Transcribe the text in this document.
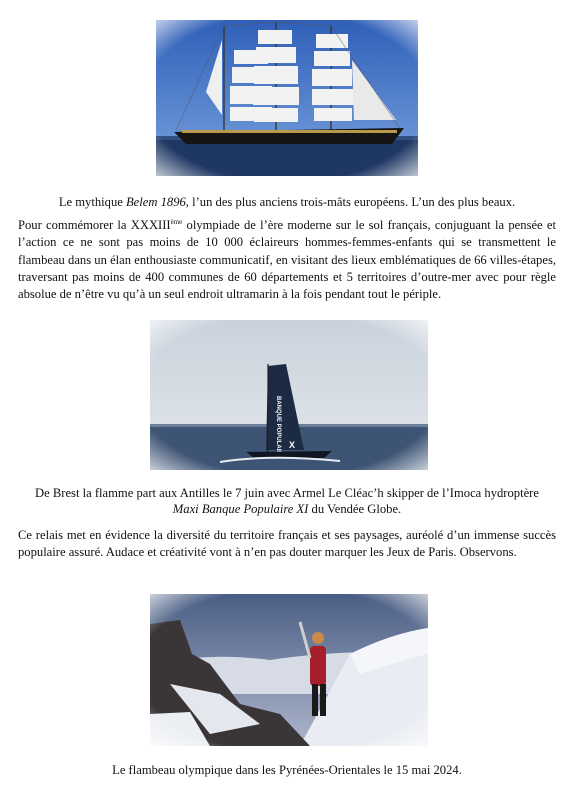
Le mythique Belem 1896, l’un des plus anciens trois-mâts européens. L’un des plus beaux.

Pour commémorer la XXXIIIème olympiade de l’ère moderne sur le sol français, conjuguant la pensée et l’action ce ne sont pas moins de 10 000 éclaireurs hommes-femmes-enfants qui se transmettent le flambeau dans un élan enthousiaste communicatif, en visitant des lieux emblématiques de 66 villes-étapes, traversant pas moins de 400 communes de 60 départements et 5 territoires d’outre-mer avec pour règle absolue de n’être vu qu’à un seul endroit ultramarin à la fois pendant tout le périple.

De Brest la flamme part aux Antilles le 7 juin avec Armel Le Cléac’h skipper de l’Imoca hydroptère
Maxi Banque Populaire XI du Vendée Globe.

Ce relais met en évidence la diversité du territoire français et ses paysages, auréolé d’un immense succès populaire assuré. Audace et créativité vont à n’en pas douter marquer les Jeux de Paris. Observons.

Le flambeau olympique dans les Pyrénées-Orientales le 15 mai 2024.
